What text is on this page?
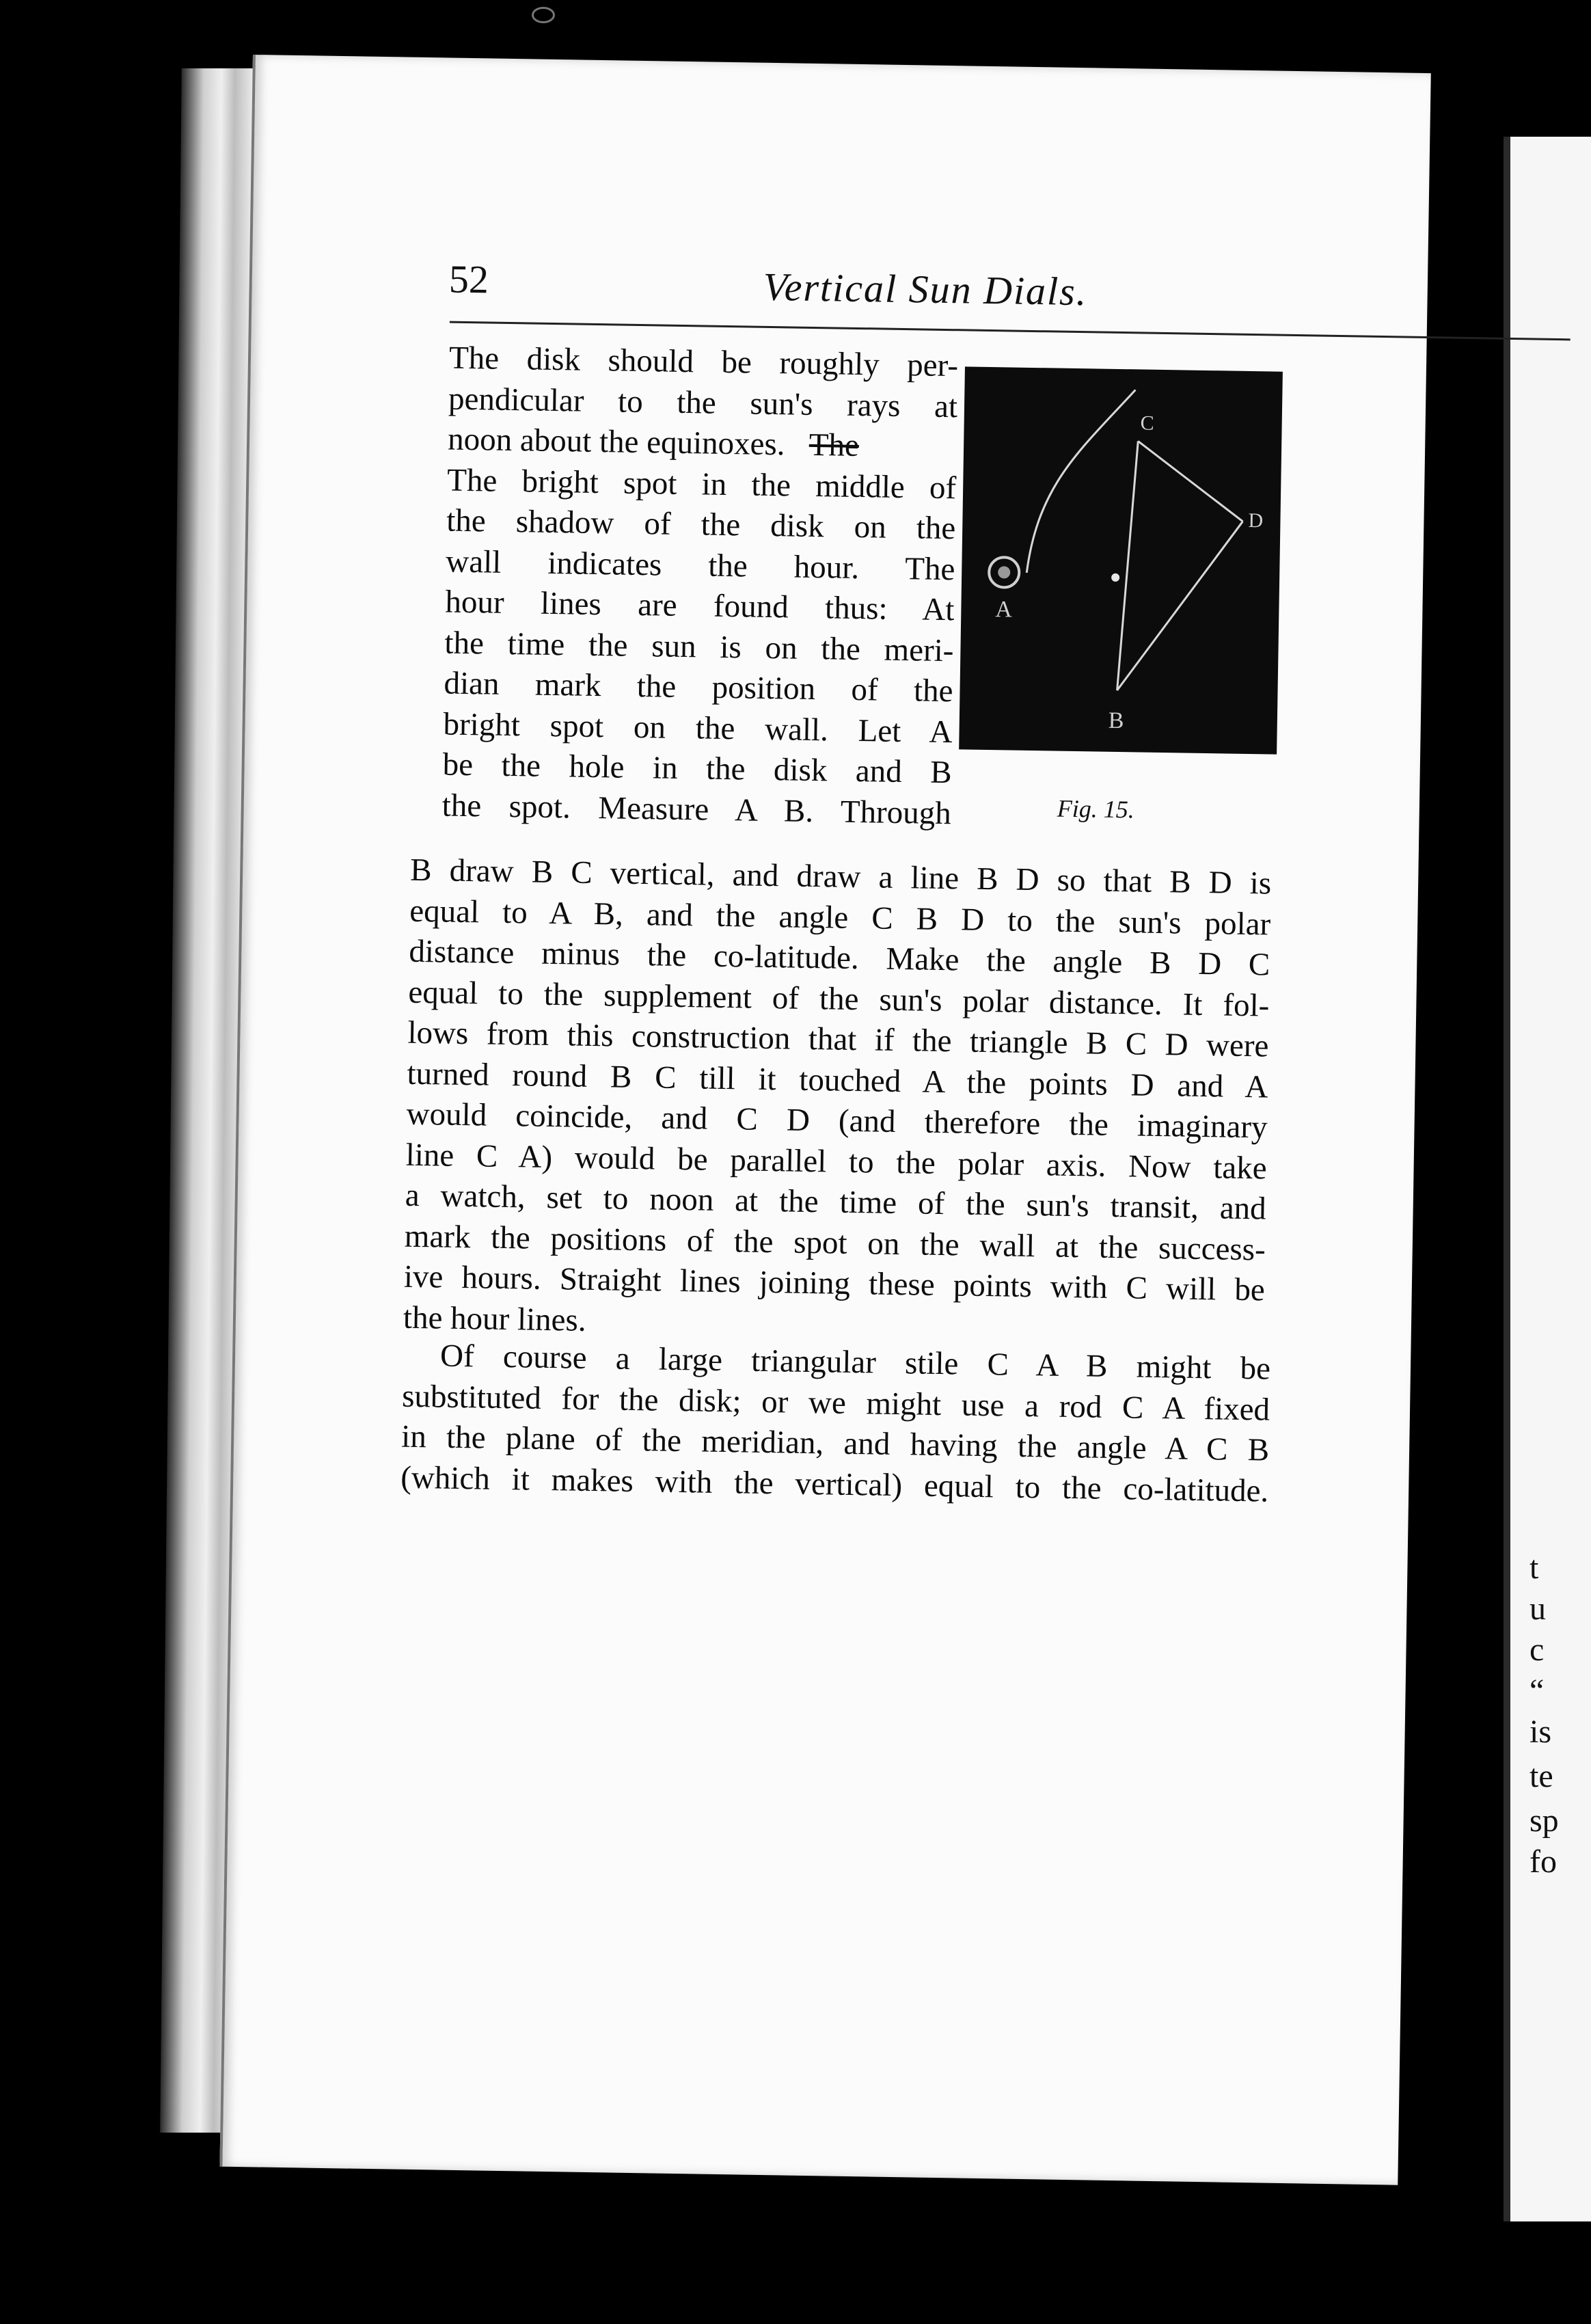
t
u
c
“
is
te
sp
fo
52	Vertical Sun Dials.
The disk should be roughly per-
pendicular to the sun's rays at
noon about the equinoxes. The
The bright spot in the middle of
the shadow of the disk on the
wall indicates the hour. The
hour lines are found thus: At
the time the sun is on the meri-
dian mark the position of the
bright spot on the wall. Let A
be the hole in the disk and B
the spot. Measure A B. Through
A
B
C
D
Fig. 15.
B draw B C vertical, and draw a line B D so that B D is
equal to A B, and the angle C B D to the sun's polar
distance minus the co-latitude. Make the angle B D C
equal to the supplement of the sun's polar distance. It fol-
lows from this construction that if the triangle B C D were
turned round B C till it touched A the points D and A
would coincide, and C D (and therefore the imaginary
line C A) would be parallel to the polar axis. Now take
a watch, set to noon at the time of the sun's transit, and
mark the positions of the spot on the wall at the success-
ive hours. Straight lines joining these points with C will be
the hour lines.
Of course a large triangular stile C A B might be
substituted for the disk; or we might use a rod C A fixed
in the plane of the meridian, and having the angle A C B
(which it makes with the vertical) equal to the co-latitude.
